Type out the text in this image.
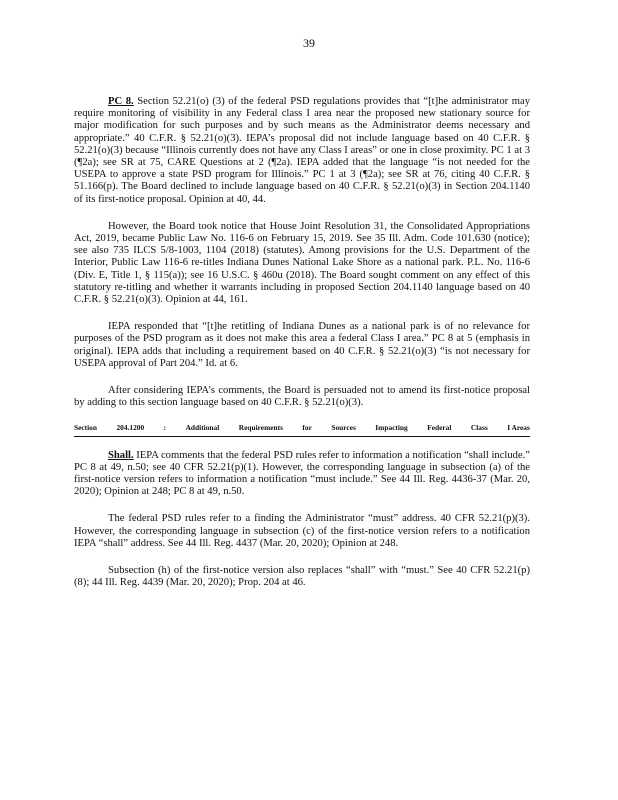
39

PC 8. Section 52.21(o) (3) of the federal PSD regulations provides that “[t]he administrator may require monitoring of visibility in any Federal class I area near the proposed new stationary source for major modification for such purposes and by such means as the Administrator deems necessary and appropriate.” 40 C.F.R. § 52.21(o)(3). IEPA’s proposal did not include language based on 40 C.F.R. § 52.21(o)(3) because “Illinois currently does not have any Class I areas” or one in close proximity. PC 1 at 3 (¶2a); see SR at 75, CARE Questions at 2 (¶2a). IEPA added that the language “is not needed for the USEPA to approve a state PSD program for Illinois.” PC 1 at 3 (¶2a); see SR at 76, citing 40 C.F.R. § 51.166(p). The Board declined to include language based on 40 C.F.R. § 52.21(o)(3) in Section 204.1140 of its first-notice proposal. Opinion at 40, 44.

However, the Board took notice that House Joint Resolution 31, the Consolidated Appropriations Act, 2019, became Public Law No. 116-6 on February 15, 2019. See 35 Ill. Adm. Code 101.630 (notice); see also 735 ILCS 5/8-1003, 1104 (2018) (statutes). Among provisions for the U.S. Department of the Interior, Public Law 116-6 re-titles Indiana Dunes National Lake Shore as a national park. P.L. No. 116-6 (Div. E, Title 1, § 115(a)); see 16 U.S.C. § 460u (2018). The Board sought comment on any effect of this statutory re-titling and whether it warrants including in proposed Section 204.1140 language based on 40 C.F.R. § 52.21(o)(3). Opinion at 44, 161.

IEPA responded that “[t]he retitling of Indiana Dunes as a national park is of no relevance for purposes of the PSD program as it does not make this area a federal Class I area.” PC 8 at 5 (emphasis in original). IEPA adds that including a requirement based on 40 C.F.R. § 52.21(o)(3) “is not necessary for USEPA approval of Part 204.” Id. at 6.

After considering IEPA’s comments, the Board is persuaded not to amend its first-notice proposal by adding to this section language based on 40 C.F.R. § 52.21(o)(3).

Section	204.1200	:	Additional	Requirements	for	Sources	Impacting	Federal	Class	I Areas

Shall. IEPA comments that the federal PSD rules refer to information a notification “shall include.” PC 8 at 49, n.50; see 40 CFR 52.21(p)(1). However, the corresponding language in subsection (a) of the first-notice version refers to information a notification “must include.” See 44 Ill. Reg. 4436-37 (Mar. 20, 2020); Opinion at 248; PC 8 at 49, n.50.

The federal PSD rules refer to a finding the Administrator “must” address. 40 CFR 52.21(p)(3). However, the corresponding language in subsection (c) of the first-notice version refers to a notification IEPA “shall” address. See 44 Ill. Reg. 4437 (Mar. 20, 2020); Opinion at 248.

Subsection (h) of the first-notice version also replaces “shall” with “must.” See 40 CFR 52.21(p)(8); 44 Ill. Reg. 4439 (Mar. 20, 2020); Prop. 204 at 46.
